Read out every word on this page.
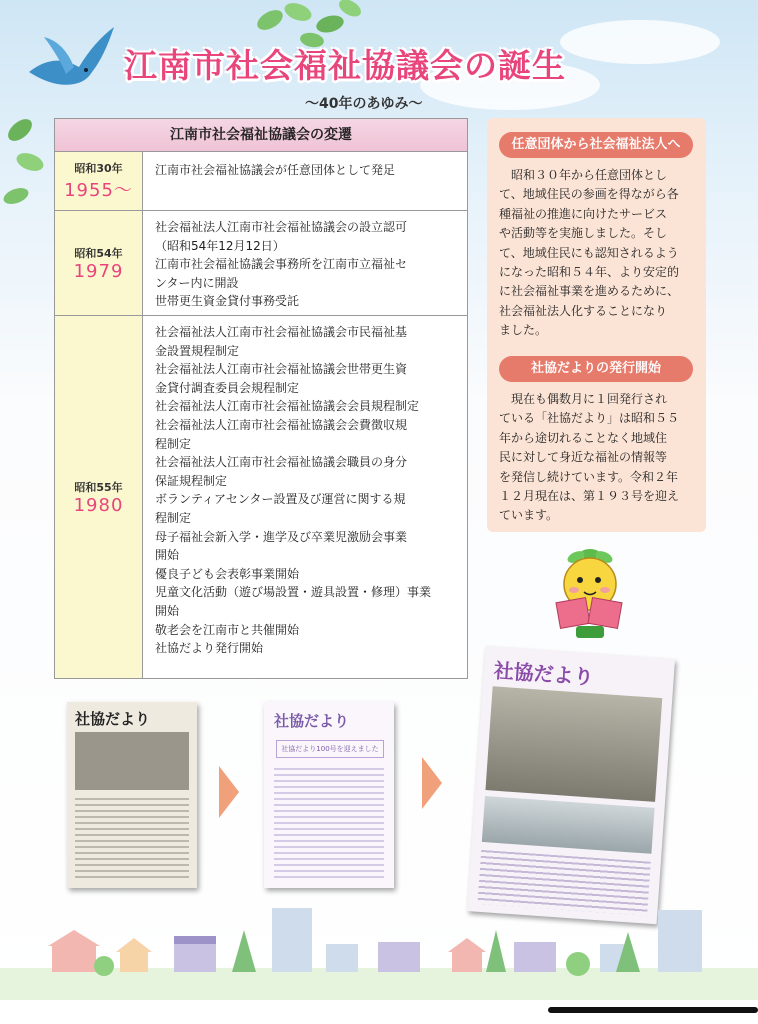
江南市社会福祉協議会の誕生
～40年のあゆみ～
江南市社会福祉協議会の変遷
昭和30年
1955～
江南市社会福祉協議会が任意団体として発足
昭和54年
1979
社会福祉法人江南市社会福祉協議会の設立認可
（昭和54年12月12日）
江南市社会福祉協議会事務所を江南市立福祉セ
ンター内に開設
世帯更生資金貸付事務受託
昭和55年
1980
社会福祉法人江南市社会福祉協議会市民福祉基
金設置規程制定
社会福祉法人江南市社会福祉協議会世帯更生資
金貸付調査委員会規程制定
社会福祉法人江南市社会福祉協議会会員規程制定
社会福祉法人江南市社会福祉協議会会費徴収規
程制定
社会福祉法人江南市社会福祉協議会職員の身分
保証規程制定
ボランティアセンター設置及び運営に関する規
程制定
母子福祉会新入学・進学及び卒業児激励会事業
開始
優良子ども会表彰事業開始
児童文化活動（遊び場設置・遊具設置・修理）事業
開始
敬老会を江南市と共催開始
社協だより発行開始
任意団体から社会福祉法人へ
　昭和３０年から任意団体とし
て、地域住民の参画を得ながら各
種福祉の推進に向けたサービス
や活動等を実施しました。そし
て、地域住民にも認知されるよう
になった昭和５４年、より安定的
に社会福祉事業を進めるために、
社会福祉法人化することになり
ました。
社協だよりの発行開始
　現在も偶数月に１回発行され
ている「社協だより」は昭和５５
年から途切れることなく地域住
民に対して身近な福祉の情報等
を発信し続けています。令和２年
１２月現在は、第１９３号を迎え
ています。
社協だより	社協だより
社協だより100号を迎えました
社協だより
